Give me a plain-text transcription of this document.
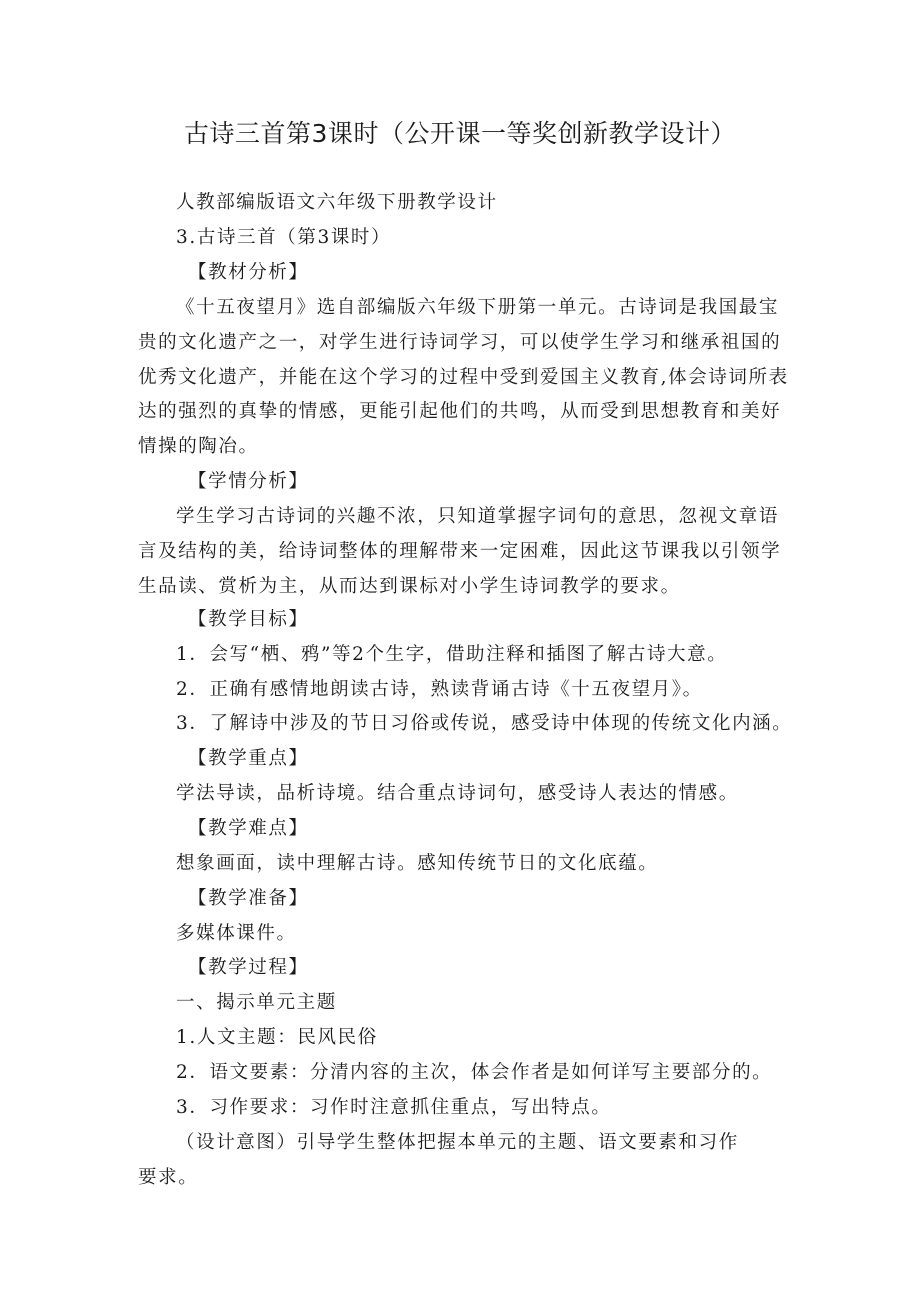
古诗三首第3课时（公开课一等奖创新教学设计）
人教部编版语文六年级下册教学设计
3.古诗三首（第3课时）
【教材分析】
《十五夜望月》选自部编版六年级下册第一单元。古诗词是我国最宝
贵的文化遗产之一，对学生进行诗词学习，可以使学生学习和继承祖国的
优秀文化遗产，并能在这个学习的过程中受到爱国主义教育,体会诗词所表
达的强烈的真挚的情感，更能引起他们的共鸣，从而受到思想教育和美好
情操的陶冶。
【学情分析】
学生学习古诗词的兴趣不浓，只知道掌握字词句的意思，忽视文章语
言及结构的美，给诗词整体的理解带来一定困难，因此这节课我以引领学
生品读、赏析为主，从而达到课标对小学生诗词教学的要求。
【教学目标】
1．会写“栖、鸦”等2个生字，借助注释和插图了解古诗大意。
2．正确有感情地朗读古诗，熟读背诵古诗《十五夜望月》。
3．了解诗中涉及的节日习俗或传说，感受诗中体现的传统文化内涵。
【教学重点】
学法导读，品析诗境。结合重点诗词句，感受诗人表达的情感。
【教学难点】
想象画面，读中理解古诗。感知传统节日的文化底蕴。
【教学准备】
多媒体课件。
【教学过程】
一、揭示单元主题
1.人文主题：民风民俗
2．语文要素：分清内容的主次，体会作者是如何详写主要部分的。
3．习作要求：习作时注意抓住重点，写出特点。
（设计意图）引导学生整体把握本单元的主题、语文要素和习作
要求。
